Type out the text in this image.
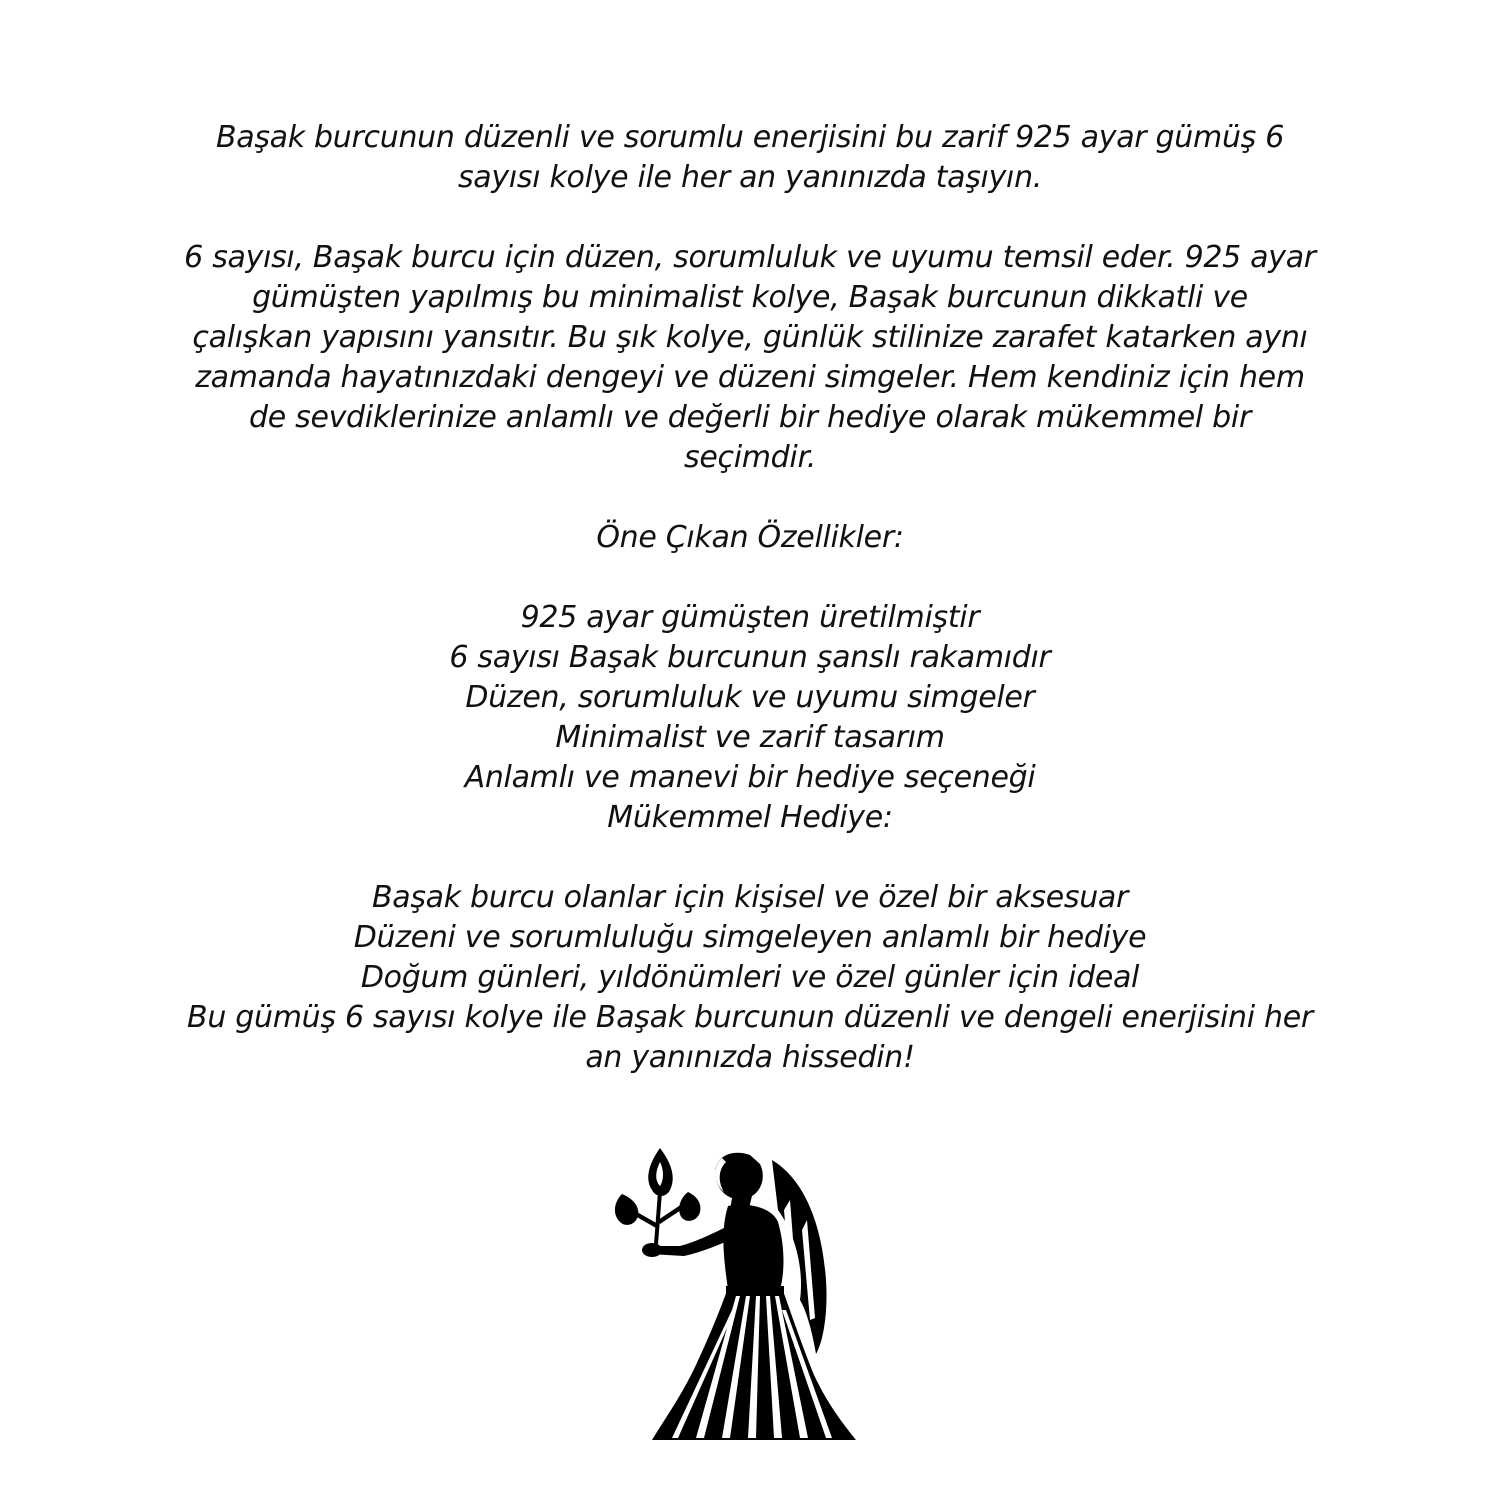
Başak burcunun düzenli ve sorumlu enerjisini bu zarif 925 ayar gümüş 6
sayısı kolye ile her an yanınızda taşıyın.

6 sayısı, Başak burcu için düzen, sorumluluk ve uyumu temsil eder. 925 ayar
gümüşten yapılmış bu minimalist kolye, Başak burcunun dikkatli ve
çalışkan yapısını yansıtır. Bu şık kolye, günlük stilinize zarafet katarken aynı
zamanda hayatınızdaki dengeyi ve düzeni simgeler. Hem kendiniz için hem
de sevdiklerinize anlamlı ve değerli bir hediye olarak mükemmel bir
seçimdir.

Öne Çıkan Özellikler:

925 ayar gümüşten üretilmiştir
6 sayısı Başak burcunun şanslı rakamıdır
Düzen, sorumluluk ve uyumu simgeler
Minimalist ve zarif tasarım
Anlamlı ve manevi bir hediye seçeneği
Mükemmel Hediye:

Başak burcu olanlar için kişisel ve özel bir aksesuar
Düzeni ve sorumluluğu simgeleyen anlamlı bir hediye
Doğum günleri, yıldönümleri ve özel günler için ideal
Bu gümüş 6 sayısı kolye ile Başak burcunun düzenli ve dengeli enerjisini her
an yanınızda hissedin!
